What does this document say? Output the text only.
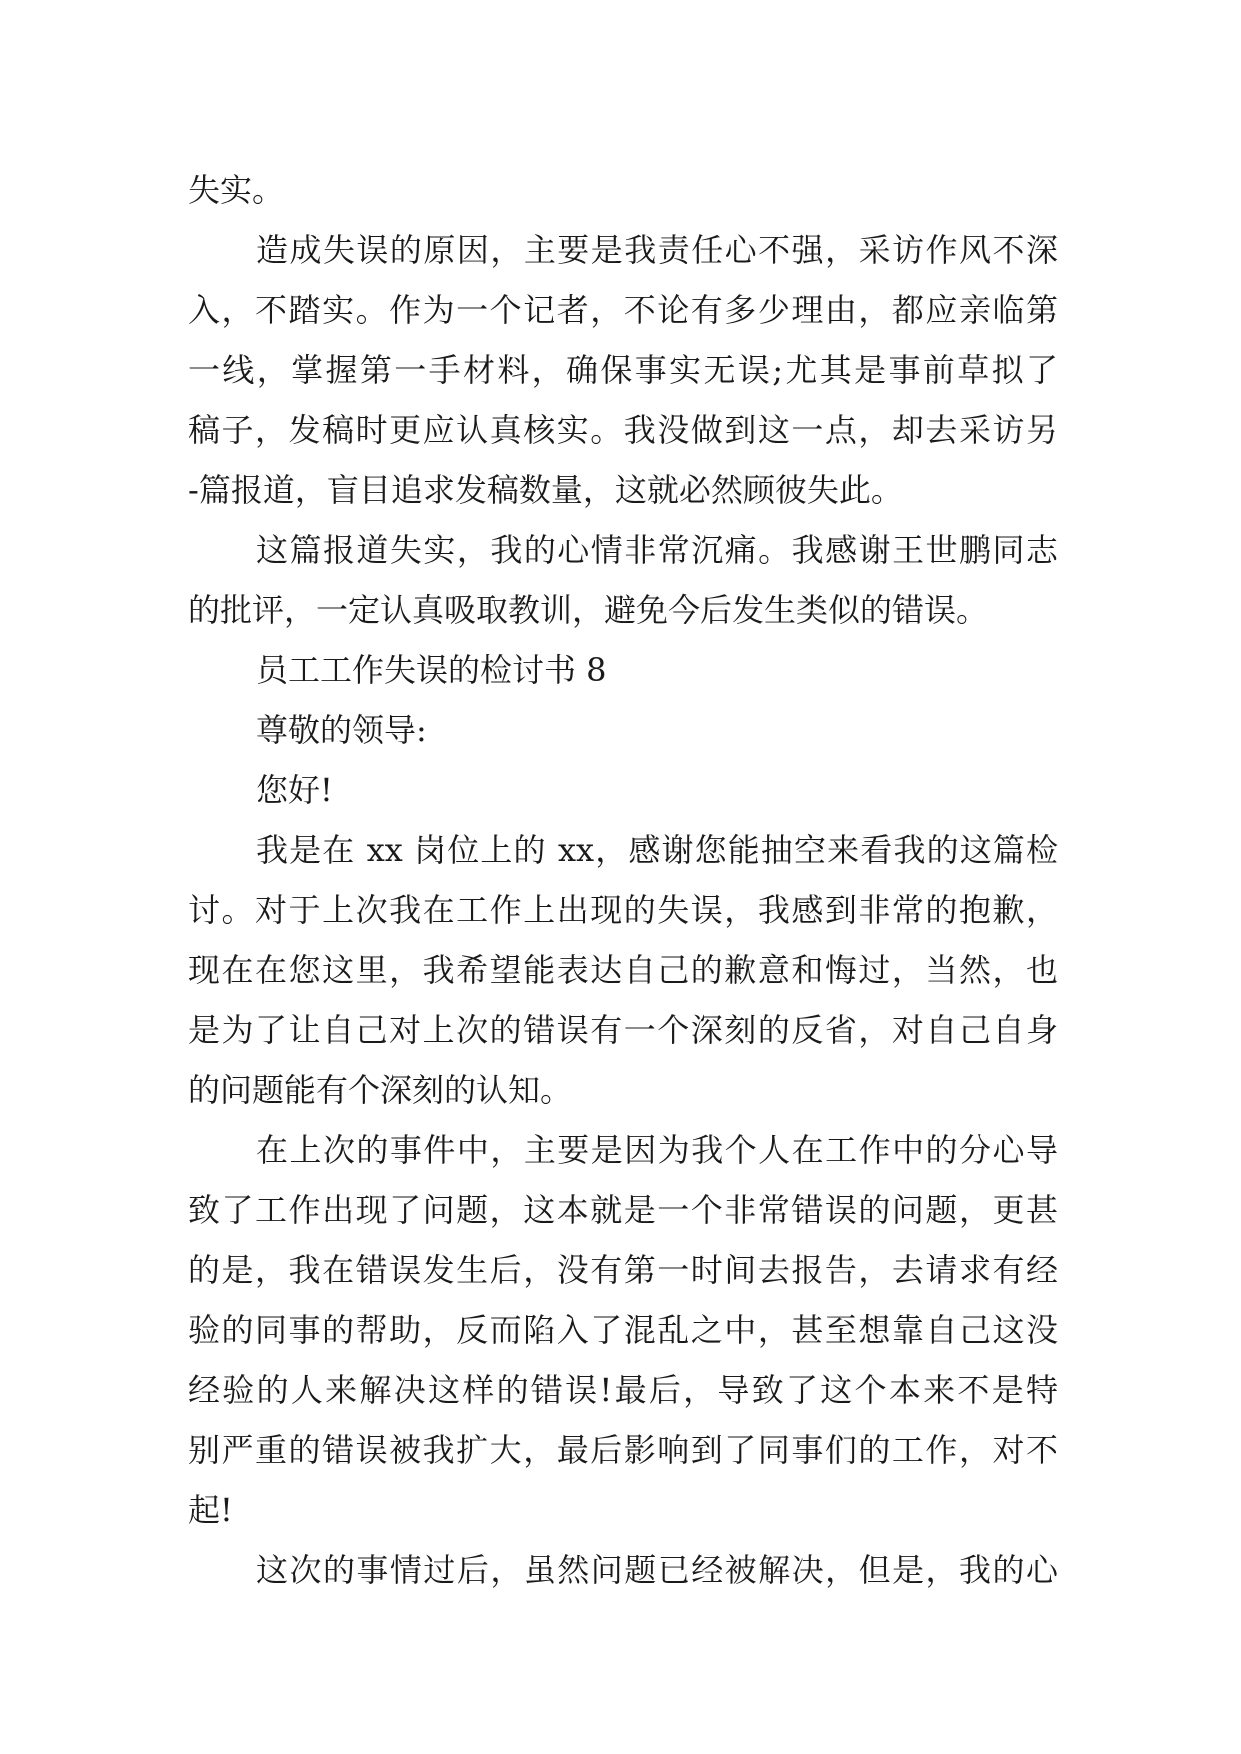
失实。
造成失误的原因，主要是我责任心不强，采访作风不深
入，不踏实。作为一个记者，不论有多少理由，都应亲临第
一线，掌握第一手材料，确保事实无误;尤其是事前草拟了
稿子，发稿时更应认真核实。我没做到这一点，却去采访另
-篇报道，盲目追求发稿数量，这就必然顾彼失此。
这篇报道失实，我的心情非常沉痛。我感谢王世鹏同志
的批评，一定认真吸取教训，避免今后发生类似的错误。
员工工作失误的检讨书 8
尊敬的领导:
您好!
我是在 xx 岗位上的 xx，感谢您能抽空来看我的这篇检
讨。对于上次我在工作上出现的失误，我感到非常的抱歉，
现在在您这里，我希望能表达自己的歉意和悔过，当然，也
是为了让自己对上次的错误有一个深刻的反省，对自己自身
的问题能有个深刻的认知。
在上次的事件中，主要是因为我个人在工作中的分心导
致了工作出现了问题，这本就是一个非常错误的问题，更甚
的是，我在错误发生后，没有第一时间去报告，去请求有经
验的同事的帮助，反而陷入了混乱之中，甚至想靠自己这没
经验的人来解决这样的错误!最后，导致了这个本来不是特
别严重的错误被我扩大，最后影响到了同事们的工作，对不
起!
这次的事情过后，虽然问题已经被解决，但是，我的心
